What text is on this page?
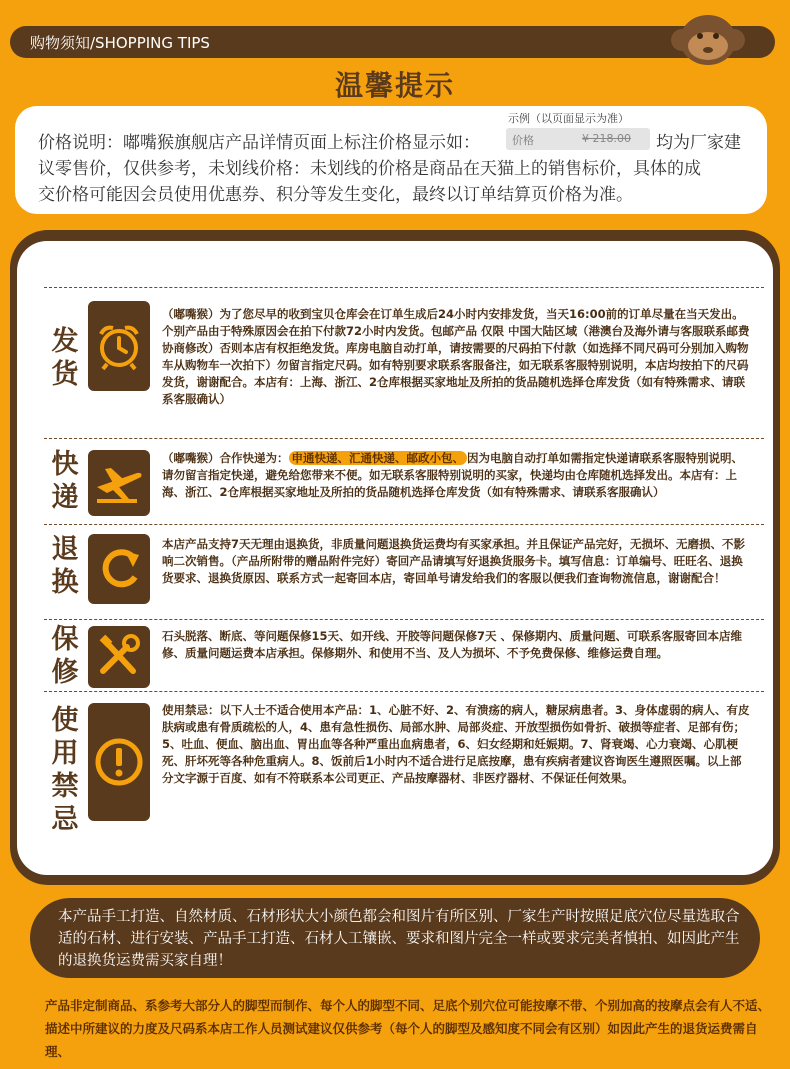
购物须知/SHOPPING TIPS
温馨提示
示例（以页面显示为准）
价格	¥ 218.00
价格说明：嘟嘴猴旗舰店产品详情页面上标注价格显示如：	均为厂家建
议零售价，仅供参考，未划线价格：未划线的价格是商品在天猫上的销售标价，具体的成
交价格可能因会员使用优惠券、积分等发生变化，最终以订单结算页价格为准。
发货
（嘟嘴猴）为了您尽早的收到宝贝仓库会在订单生成后24小时内安排发货，当天16:00前的订单尽量在当天发出。个别产品由于特殊原因会在拍下付款72小时内发货。包邮产品 仅限 中国大陆区域（港澳台及海外请与客服联系邮费协商修改）否则本店有权拒绝发货。库房电脑自动打单，请按需要的尺码拍下付款（如选择不同尺码可分别加入购物车从购物车一次拍下）勿留言指定尺码。如有特别要求联系客服备注，如无联系客服特别说明，本店均按拍下的尺码发货，谢谢配合。本店有：上海、浙江、2仓库根据买家地址及所拍的货品随机选择仓库发货（如有特殊需求、请联系客服确认）
快递
（嘟嘴猴）合作快递为： 申通快递、汇通快递、邮政小包、 因为电脑自动打单如需指定快递请联系客服特别说明、请勿留言指定快递，避免给您带来不便。如无联系客服特别说明的买家，快递均由仓库随机选择发出。本店有：上海、浙江、2仓库根据买家地址及所拍的货品随机选择仓库发货（如有特殊需求、请联系客服确认）
退换
本店产品支持7天无理由退换货，非质量问题退换货运费均有买家承担。并且保证产品完好，无损坏、无磨损、不影响二次销售。（产品所附带的赠品附件完好）寄回产品请填写好退换货服务卡。填写信息：订单编号、旺旺名、退换货要求、退换货原因、联系方式一起寄回本店，寄回单号请发给我们的客服以便我们查询物流信息，谢谢配合！
保修
石头脱落、断底、等问题保修15天、如开线、开胶等问题保修7天 、保修期内、质量问题、可联系客服寄回本店维修、质量问题运费本店承担。保修期外、和使用不当、及人为损坏、不予免费保修、维修运费自理。
使用禁忌
使用禁忌：以下人士不适合使用本产品：1、心脏不好、2、有溃疡的病人，糖尿病患者。3、身体虚弱的病人、有皮肤病或患有骨质疏松的人，4、患有急性损伤、局部水肿、局部炎症、开放型损伤如骨折、破损等症者、足部有伤；5、吐血、便血、脑出血、胃出血等各种严重出血病患者，6、妇女经期和妊娠期。7、肾衰竭、心力衰竭、心肌梗死、肝坏死等各种危重病人。8、饭前后1小时内不适合进行足底按摩，患有疾病者建议咨询医生遵照医嘱。以上部分文字源于百度、如有不符联系本公司更正、产品按摩器材、非医疗器材、不保证任何效果。
本产品手工打造、自然材质、石材形状大小颜色都会和图片有所区别、厂家生产时按照足底穴位尽量选取合适的石材、进行安装、产品手工打造、石材人工镶嵌、要求和图片完全一样或要求完美者慎拍、如因此产生的退换货运费需买家自理！
产品非定制商品、系参考大部分人的脚型而制作、每个人的脚型不同、足底个别穴位可能按摩不带、个别加高的按摩点会有人不适、描述中所建议的力度及尺码系本店工作人员测试建议仅供参考（每个人的脚型及感知度不同会有区别）如因此产生的退货运费需自理、
